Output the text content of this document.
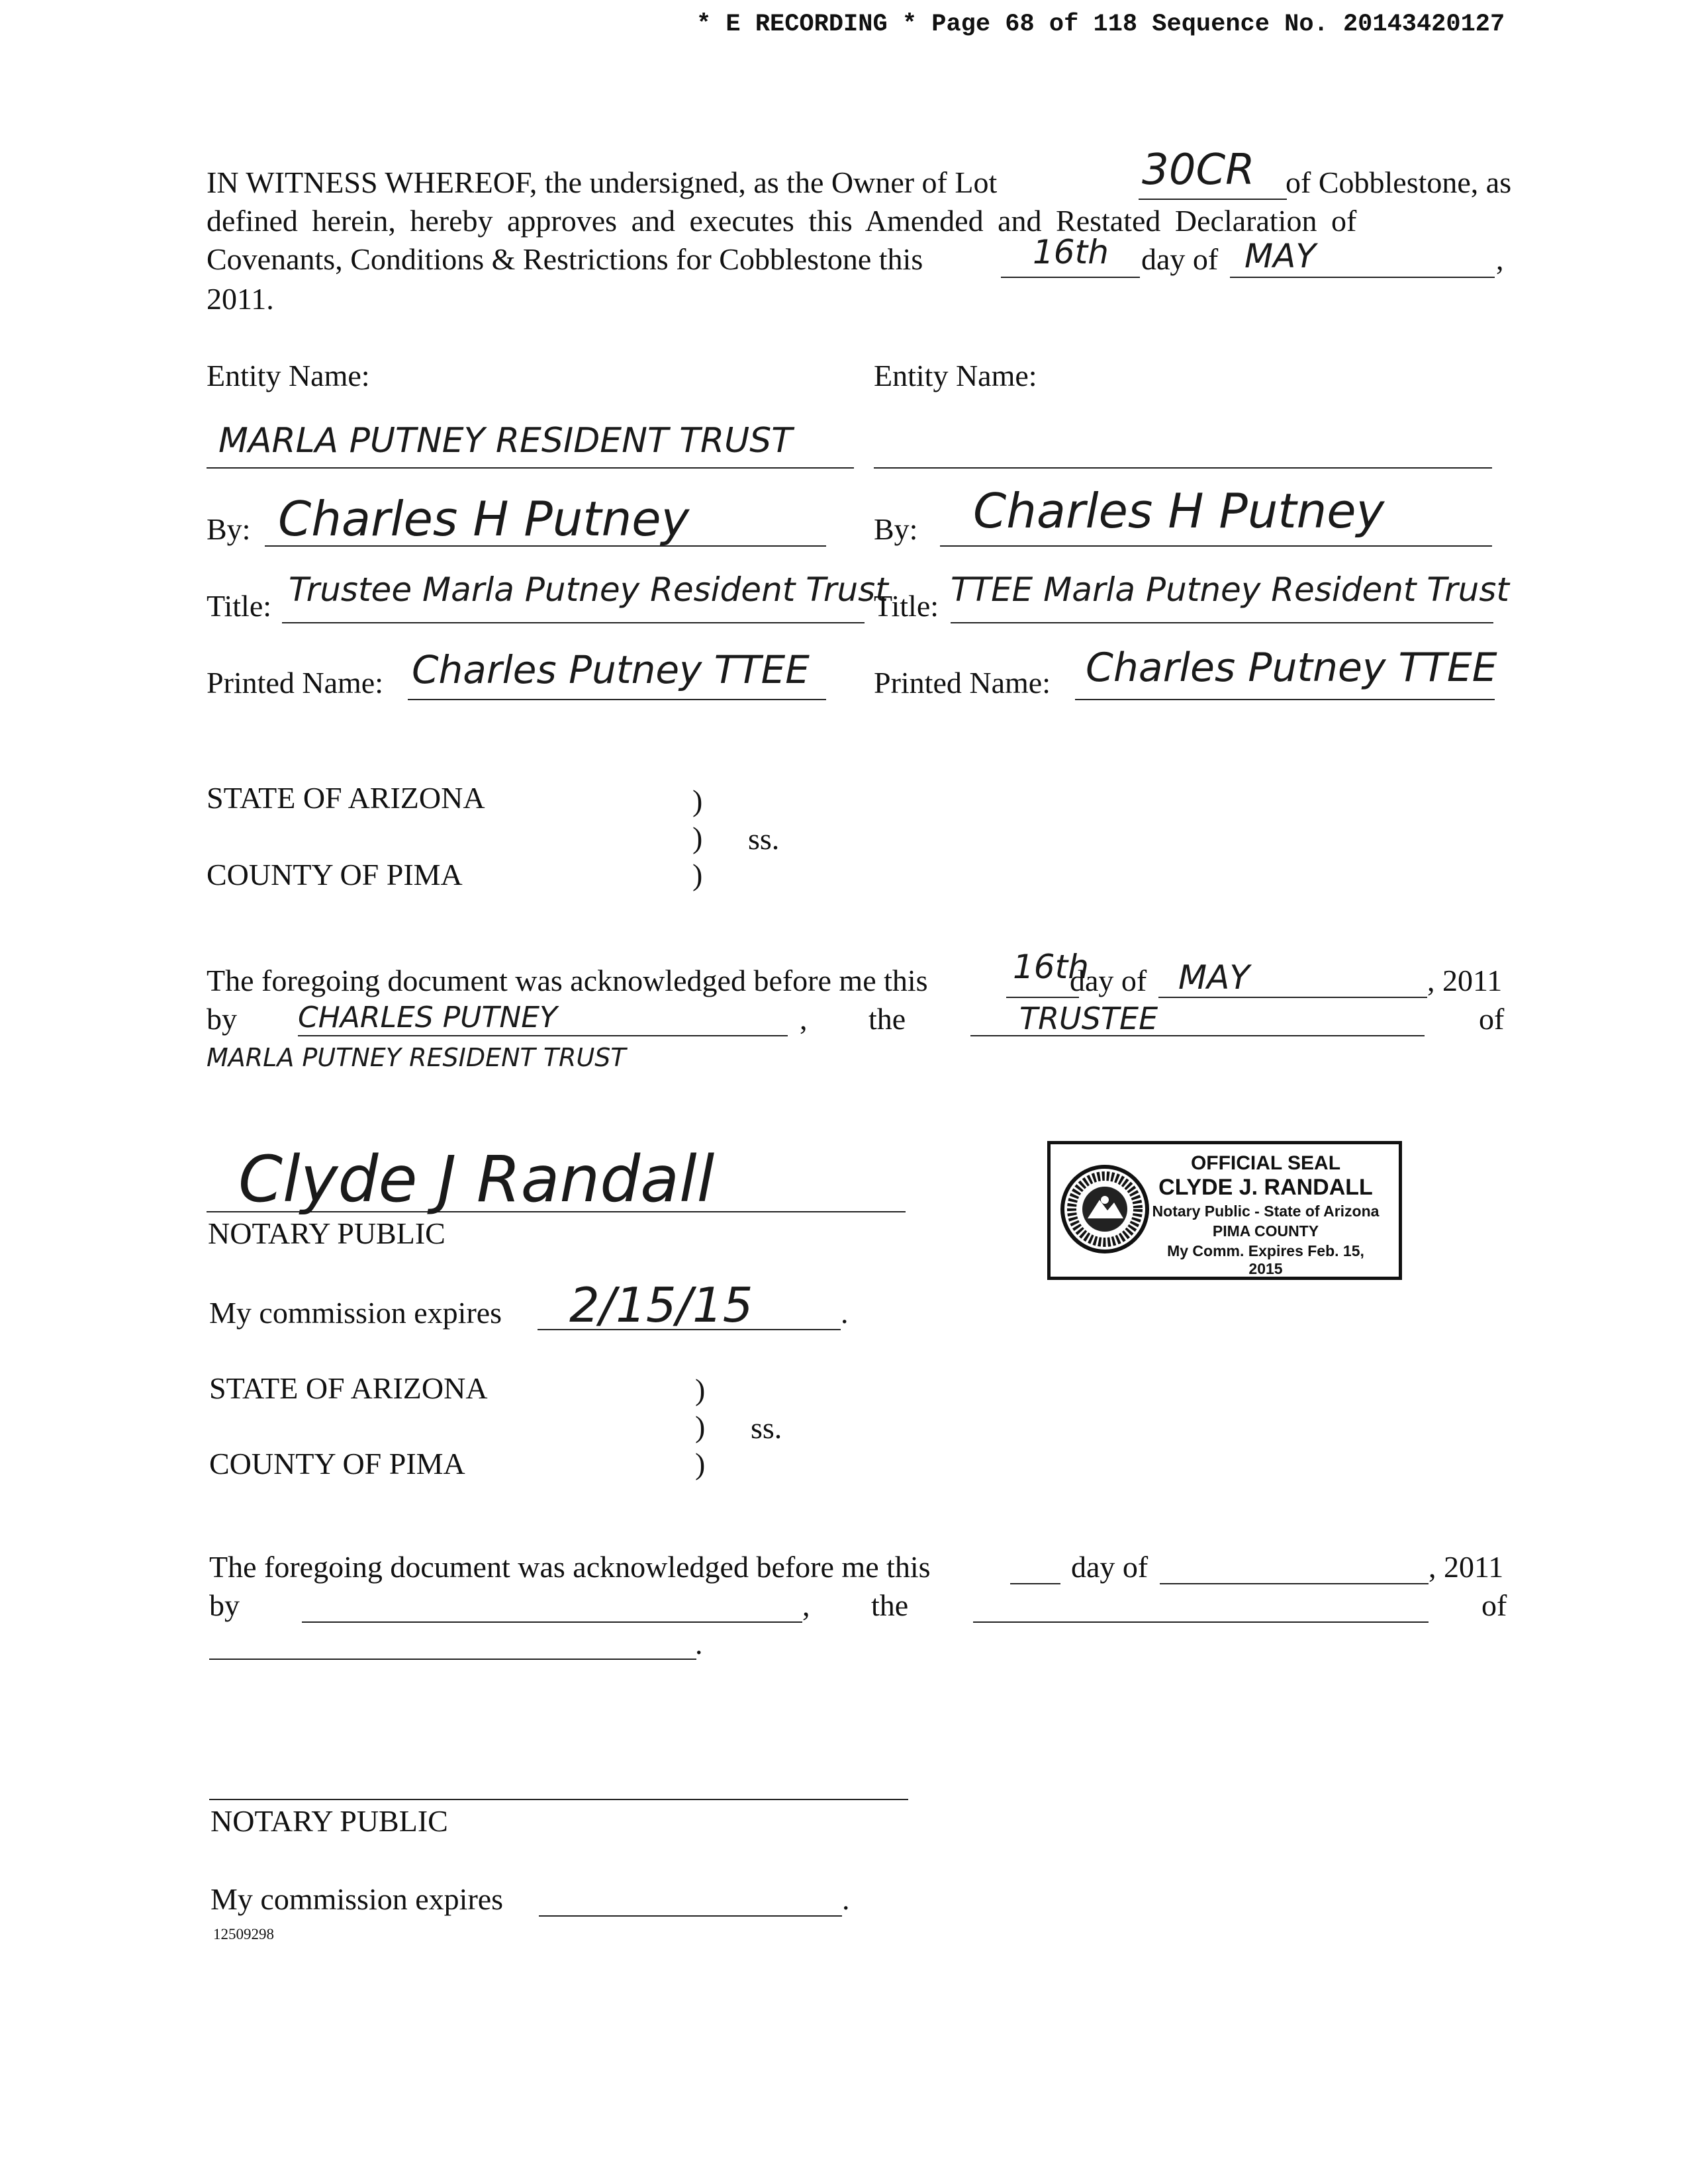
* E RECORDING * Page 68 of 118 Sequence No. 20143420127
IN WITNESS WHEREOF, the undersigned, as the Owner of Lot	30CR of Cobblestone, as
defined herein, hereby approves and executes this Amended and Restated Declaration of
Covenants, Conditions & Restrictions for Cobblestone this	16th day of MAY	,
2011.
Entity Name:
MARLA PUTNEY RESIDENT TRUST
By: Charles H Putney
Title: Trustee Marla Putney Resident Trust
Printed Name: Charles Putney TTEE
Entity Name:
By: Charles H Putney
Title: TTEE Marla Putney Resident Trust
Printed Name: Charles Putney TTEE
STATE OF ARIZONA	)
) ss.
)
COUNTY OF PIMA
The foregoing document was acknowledged before me this	16th
day of MAY	, 2011
by CHARLES PUTNEY	, the	TRUSTEE	of
MARLA PUTNEY RESIDENT TRUST
Clyde J Randall
NOTARY PUBLIC
My commission expires 2/15/15	.
OFFICIAL SEAL
CLYDE J. RANDALL
Notary Public - State of Arizona
PIMA COUNTY
My Comm. Expires Feb. 15, 2015
STATE OF ARIZONA	)
) ss.
)
COUNTY OF PIMA
The foregoing document was acknowledged before me this	day of	, 2011
by	, the	of
.
NOTARY PUBLIC
My commission expires	.
12509298
